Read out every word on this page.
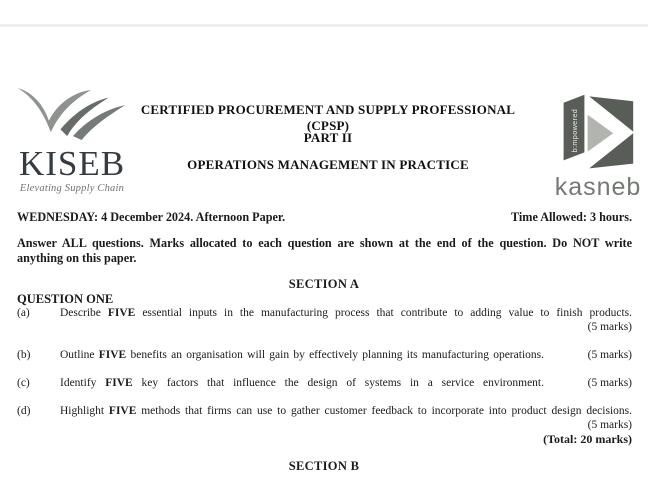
KISEB
Elevating Supply Chain
CERTIFIED PROCUREMENT AND SUPPLY PROFESSIONAL (CPSP)
PART II
OPERATIONS MANAGEMENT IN PRACTICE
b:mpowered
kasneb
WEDNESDAY: 4 December 2024. Afternoon Paper.	Time Allowed: 3 hours.
Answer ALL questions. Marks allocated to each question are shown at the end of the question. Do NOT write anything on this paper.
SECTION A
QUESTION ONE
(a)	Describe FIVE essential inputs in the manufacturing process that contribute to adding value to finish products.
(5 marks)
(b)	Outline FIVE benefits an organisation will gain by effectively planning its manufacturing operations.	(5 marks)
(c)	Identify FIVE key factors that influence the design of systems in a service environment.	(5 marks)
(d)	Highlight FIVE methods that firms can use to gather customer feedback to incorporate into product design decisions.
(5 marks)
(Total: 20 marks)
SECTION B
